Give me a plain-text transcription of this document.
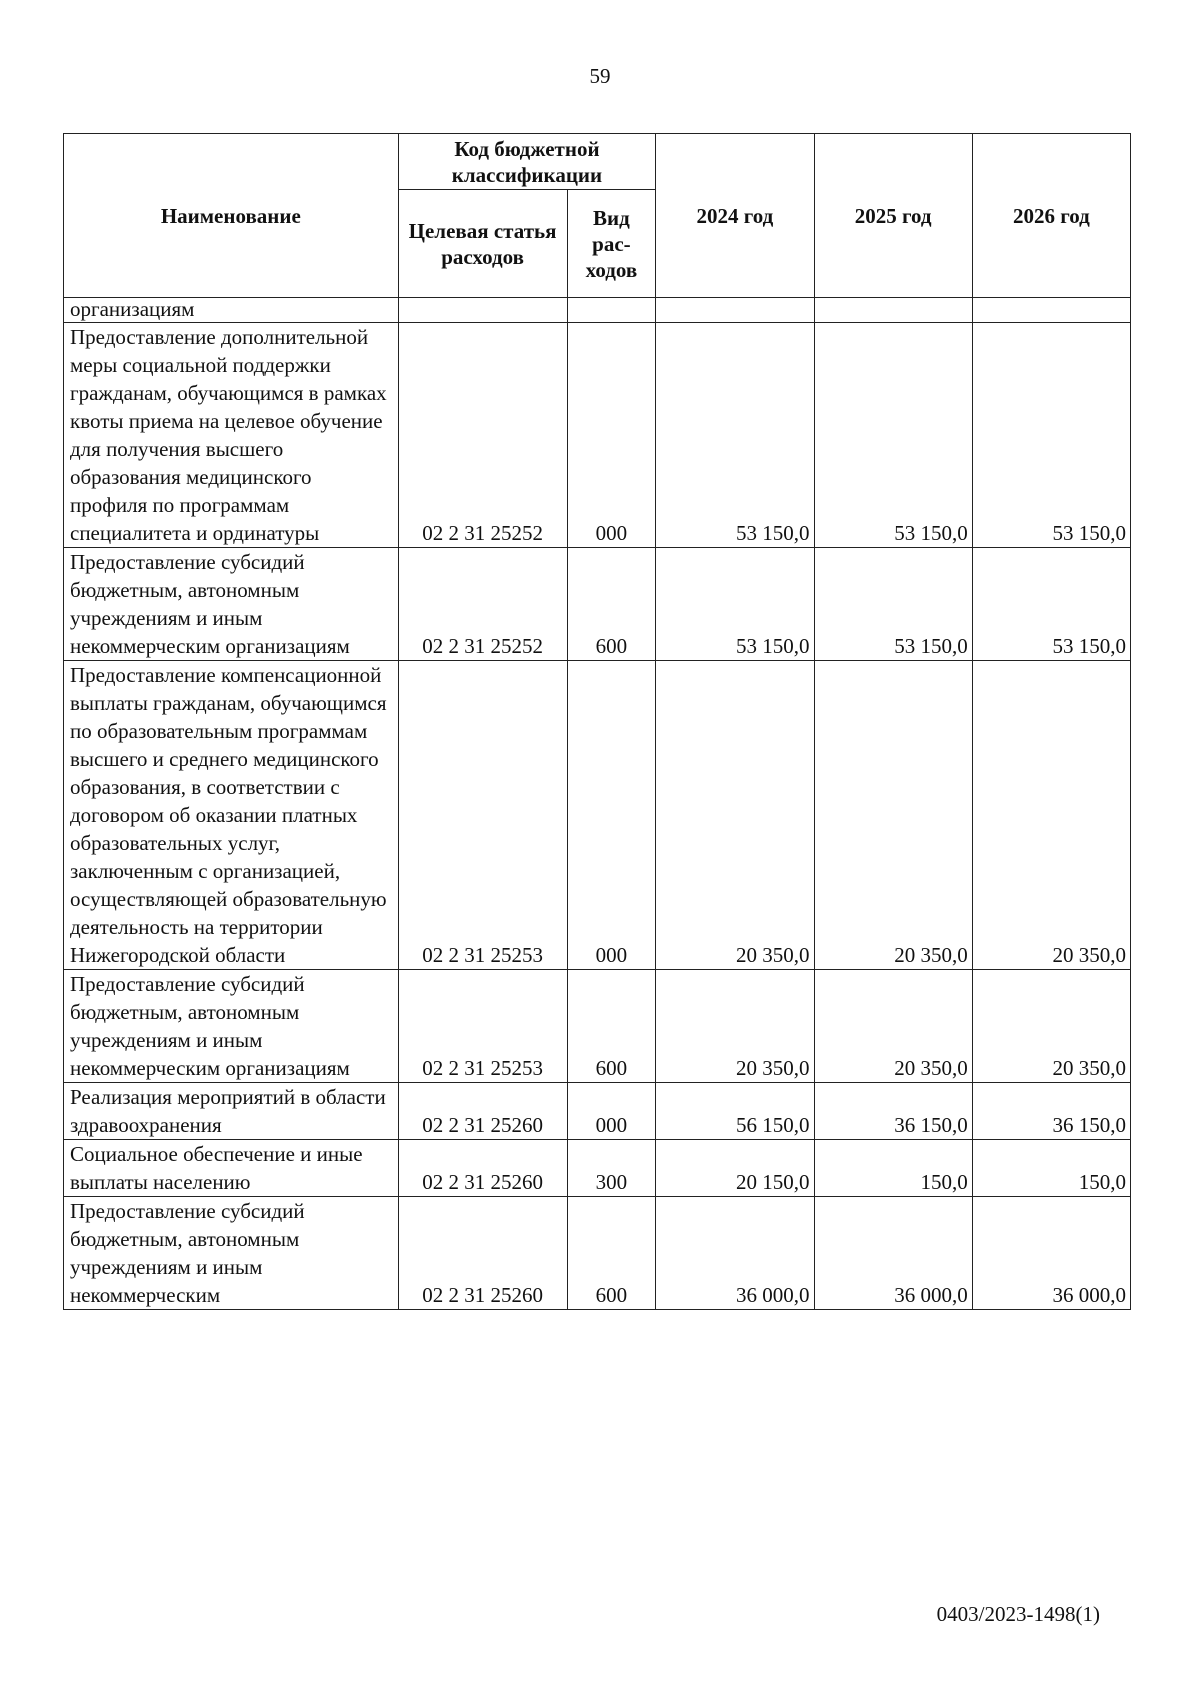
59
Наименование	Код бюджетной классификации		2024 год	2025 год	2026 год
	Целевая статья расходов	Вид рас- ходов			
организациям					
Предоставление дополнительной меры социальной поддержки гражданам, обучающимся в рамках квоты приема на целевое обучение для получения высшего образования медицинского профиля по программам специалитета и ординатуры	02 2 31 25252	000	53 150,0	53 150,0	53 150,0
Предоставление субсидий бюджетным, автономным учреждениям и иным некоммерческим организациям	02 2 31 25252	600	53 150,0	53 150,0	53 150,0
Предоставление компенсационной выплаты гражданам, обучающимся по образовательным программам высшего и среднего медицинского образования, в соответствии с договором об оказании платных образовательных услуг, заключенным с организацией, осуществляющей образовательную деятельность на территории Нижегородской области	02 2 31 25253	000	20 350,0	20 350,0	20 350,0
Предоставление субсидий бюджетным, автономным учреждениям и иным некоммерческим организациям	02 2 31 25253	600	20 350,0	20 350,0	20 350,0
Реализация мероприятий в области здравоохранения	02 2 31 25260	000	56 150,0	36 150,0	36 150,0
Социальное обеспечение и иные выплаты населению	02 2 31 25260	300	20 150,0	150,0	150,0
Предоставление субсидий бюджетным, автономным учреждениям и иным некоммерческим	02 2 31 25260	600	36 000,0	36 000,0	36 000,0
0403/2023-1498(1)
